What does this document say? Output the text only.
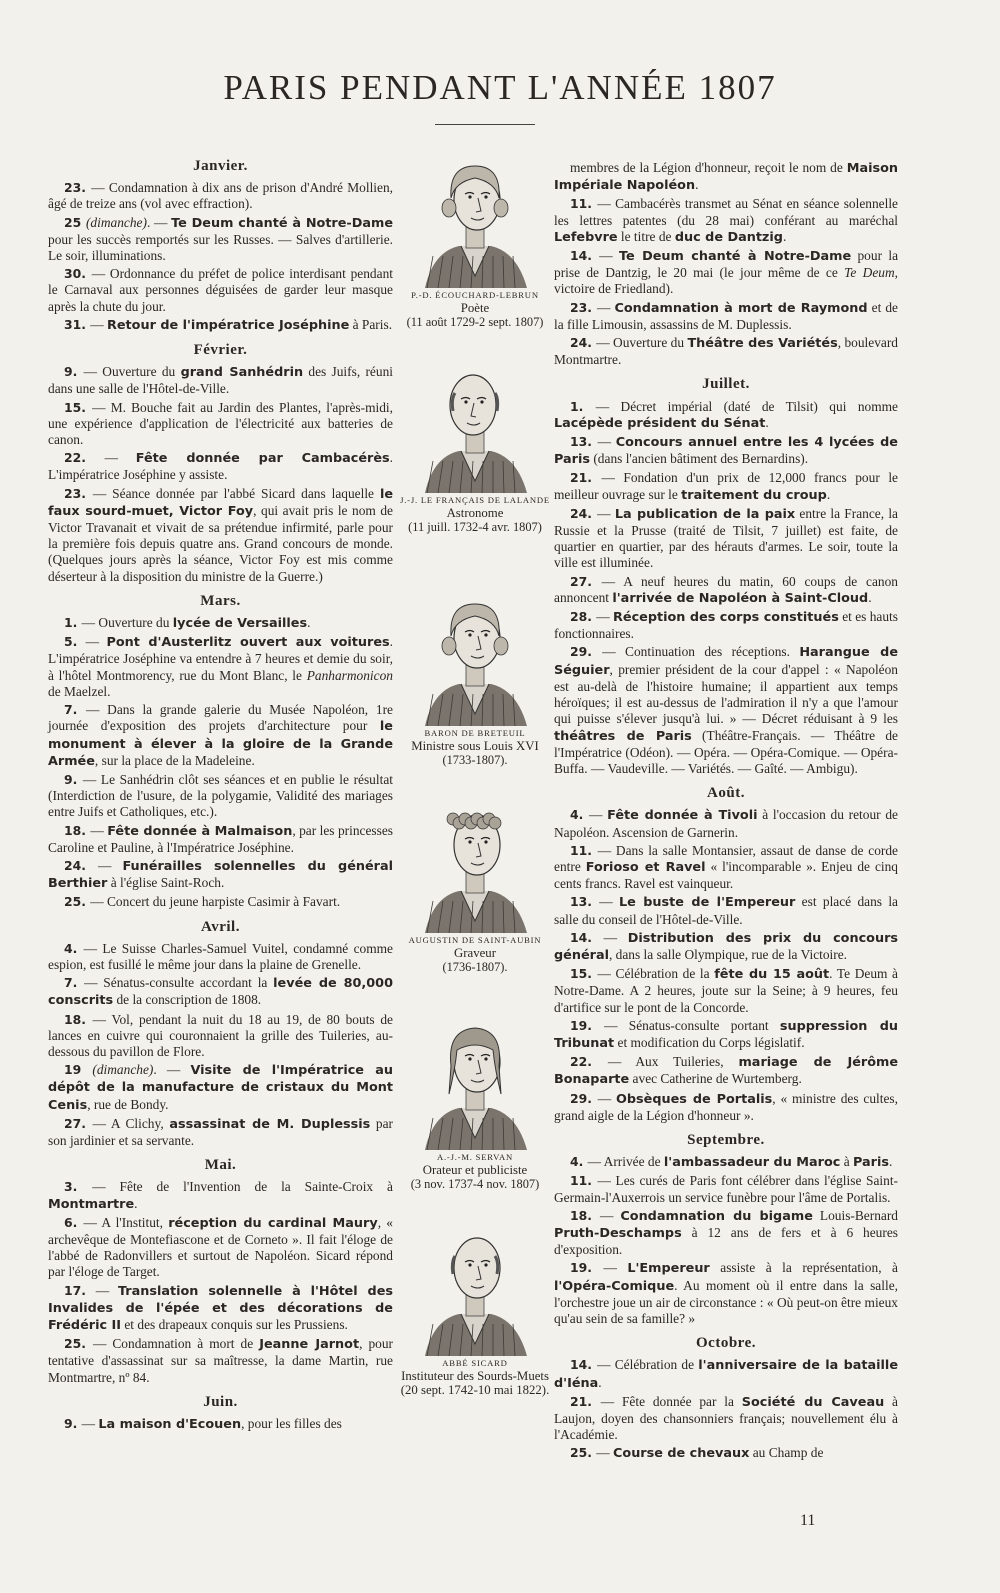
PARIS PENDANT L'ANNÉE 1807
Janvier.

23. — Condamnation à dix ans de prison d'André Mollien, âgé de treize ans (vol avec effraction).

25 (dimanche). — Te Deum chanté à Notre-Dame pour les succès remportés sur les Russes. — Salves d'artillerie. Le soir, illuminations.

30. — Ordonnance du préfet de police interdisant pendant le Carnaval aux personnes déguisées de garder leur masque après la chute du jour.

31. — Retour de l'impératrice Joséphine à Paris.

Février.

9. — Ouverture du grand Sanhédrin des Juifs, réuni dans une salle de l'Hôtel-de-Ville.

15. — M. Bouche fait au Jardin des Plantes, l'après-midi, une expérience d'application de l'électricité aux batteries de canon.

22. — Fête donnée par Cambacérès. L'impératrice Joséphine y assiste.

23. — Séance donnée par l'abbé Sicard dans laquelle le faux sourd-muet, Victor Foy, qui avait pris le nom de Victor Travanait et vivait de sa prétendue infirmité, parle pour la première fois depuis quatre ans. Grand concours de monde. (Quelques jours après la séance, Victor Foy est mis comme déserteur à la disposition du ministre de la Guerre.)

Mars.

1. — Ouverture du lycée de Versailles.

5. — Pont d'Austerlitz ouvert aux voitures. L'impératrice Joséphine va entendre à 7 heures et demie du soir, à l'hôtel Montmorency, rue du Mont Blanc, le Panharmonicon de Maelzel.

7. — Dans la grande galerie du Musée Napoléon, 1re journée d'exposition des projets d'architecture pour le monument à élever à la gloire de la Grande Armée, sur la place de la Madeleine.

9. — Le Sanhédrin clôt ses séances et en publie le résultat (Interdiction de l'usure, de la polygamie, Validité des mariages entre Juifs et Catholiques, etc.).

18. — Fête donnée à Malmaison, par les princesses Caroline et Pauline, à l'Impératrice Joséphine.

24. — Funérailles solennelles du général Berthier à l'église Saint-Roch.

25. — Concert du jeune harpiste Casimir à Favart.

Avril.

4. — Le Suisse Charles-Samuel Vuitel, condamné comme espion, est fusillé le même jour dans la plaine de Grenelle.

7. — Sénatus-consulte accordant la levée de 80,000 conscrits de la conscription de 1808.

18. — Vol, pendant la nuit du 18 au 19, de 80 bouts de lances en cuivre qui couronnaient la grille des Tuileries, au-dessous du pavillon de Flore.

19 (dimanche). — Visite de l'Impératrice au dépôt de la manufacture de cristaux du Mont Cenis, rue de Bondy.

27. — A Clichy, assassinat de M. Duplessis par son jardinier et sa servante.

Mai.

3. — Fête de l'Invention de la Sainte-Croix à Montmartre.

6. — A l'Institut, réception du cardinal Maury, « archevêque de Montefiascone et de Corneto ». Il fait l'éloge de l'abbé de Radonvillers et surtout de Napoléon. Sicard répond par l'éloge de Target.

17. — Translation solennelle à l'Hôtel des Invalides de l'épée et des décorations de Frédéric II et des drapeaux conquis sur les Prussiens.

25. — Condamnation à mort de Jeanne Jarnot, pour tentative d'assassinat sur sa maîtresse, la dame Martin, rue Montmartre, nº 84.

Juin.

9. — La maison d'Ecouen, pour les filles des

P.-D. ÉCOUCHARD-LEBRUN
Poète
(11 août 1729-2 sept. 1807)
J.-J. LE FRANÇAIS DE LALANDE
Astronome
(11 juill. 1732-4 avr. 1807)
BARON DE BRETEUIL
Ministre sous Louis XVI
(1733-1807).
AUGUSTIN DE SAINT-AUBIN
Graveur
(1736-1807).
A.-J.-M. SERVAN
Orateur et publiciste
(3 nov. 1737-4 nov. 1807)
ABBÉ SICARD
Instituteur des Sourds-Muets (20 sept. 1742-10 mai 1822).

membres de la Légion d'honneur, reçoit le nom de Maison Impériale Napoléon.

11. — Cambacérès transmet au Sénat en séance solennelle les lettres patentes (du 28 mai) conférant au maréchal Lefebvre le titre de duc de Dantzig.

14. — Te Deum chanté à Notre-Dame pour la prise de Dantzig, le 20 mai (le jour même de ce Te Deum, victoire de Friedland).

23. — Condamnation à mort de Raymond et de la fille Limousin, assassins de M. Duplessis.

24. — Ouverture du Théâtre des Variétés, boulevard Montmartre.

Juillet.

1. — Décret impérial (daté de Tilsit) qui nomme Lacépède président du Sénat.

13. — Concours annuel entre les 4 lycées de Paris (dans l'ancien bâtiment des Bernardins).

21. — Fondation d'un prix de 12,000 francs pour le meilleur ouvrage sur le traitement du croup.

24. — La publication de la paix entre la France, la Russie et la Prusse (traité de Tilsit, 7 juillet) est faite, de quartier en quartier, par des hérauts d'armes. Le soir, toute la ville est illuminée.

27. — A neuf heures du matin, 60 coups de canon annoncent l'arrivée de Napoléon à Saint-Cloud.

28. — Réception des corps constitués et es hauts fonctionnaires.

29. — Continuation des réceptions. Harangue de Séguier, premier président de la cour d'appel : « Napoléon est au-delà de l'histoire humaine; il appartient aux temps héroïques; il est au-dessus de l'admiration il n'y a que l'amour qui puisse s'élever jusqu'à lui. » — Décret réduisant à 9 les théâtres de Paris (Théâtre-Français. — Théâtre de l'Impératrice (Odéon). — Opéra. — Opéra-Comique. — Opéra-Buffa. — Vaudeville. — Variétés. — Gaîté. — Ambigu).

Août.

4. — Fête donnée à Tivoli à l'occasion du retour de Napoléon. Ascension de Garnerin.

11. — Dans la salle Montansier, assaut de danse de corde entre Forioso et Ravel « l'incomparable ». Enjeu de cinq cents francs. Ravel est vainqueur.

13. — Le buste de l'Empereur est placé dans la salle du conseil de l'Hôtel-de-Ville.

14. — Distribution des prix du concours général, dans la salle Olympique, rue de la Victoire.

15. — Célébration de la fête du 15 août. Te Deum à Notre-Dame. A 2 heures, joute sur la Seine; à 9 heures, feu d'artifice sur le pont de la Concorde.

19. — Sénatus-consulte portant suppression du Tribunat et modification du Corps législatif.

22. — Aux Tuileries, mariage de Jérôme Bonaparte avec Catherine de Wurtemberg.

29. — Obsèques de Portalis, « ministre des cultes, grand aigle de la Légion d'honneur ».

Septembre.

4. — Arrivée de l'ambassadeur du Maroc à Paris.

11. — Les curés de Paris font célébrer dans l'église Saint-Germain-l'Auxerrois un service funèbre pour l'âme de Portalis.

18. — Condamnation du bigame Louis-Bernard Pruth-Deschamps à 12 ans de fers et à 6 heures d'exposition.

19. — L'Empereur assiste à la représentation, à l'Opéra-Comique. Au moment où il entre dans la salle, l'orchestre joue un air de circonstance : « Où peut-on être mieux qu'au sein de sa famille? »

Octobre.

14. — Célébration de l'anniversaire de la bataille d'Iéna.

21. — Fête donnée par la Société du Caveau à Laujon, doyen des chansonniers français; nouvellement élu à l'Académie.

25. — Course de chevaux au Champ de

11
